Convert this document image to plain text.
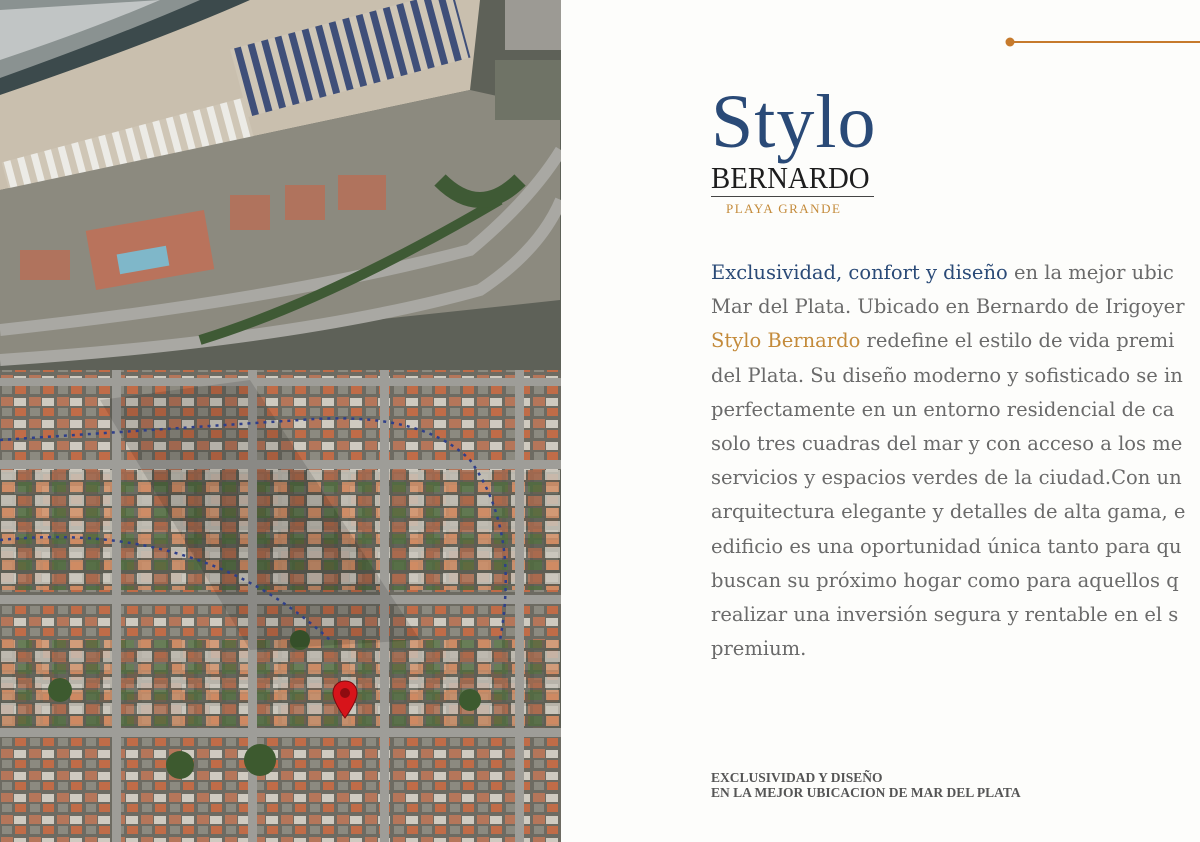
Stylo
BERNARDO
PLAYA GRANDE
Exclusividad, confort y diseño en la mejor ubic
Mar del Plata. Ubicado en Bernardo de Irigoyer
Stylo Bernardo redefine el estilo de vida premi
del Plata. Su diseño moderno y sofisticado se in
perfectamente en un entorno residencial de ca
solo tres cuadras del mar y con acceso a los me
servicios y espacios verdes de la ciudad.Con un
arquitectura elegante y detalles de alta gama, e
edificio es una oportunidad única tanto para qu
buscan su próximo hogar como para aquellos q
realizar una inversión segura y rentable en el s
premium.
EXCLUSIVIDAD Y DISEÑO
EN LA MEJOR UBICACION DE MAR DEL PLATA
